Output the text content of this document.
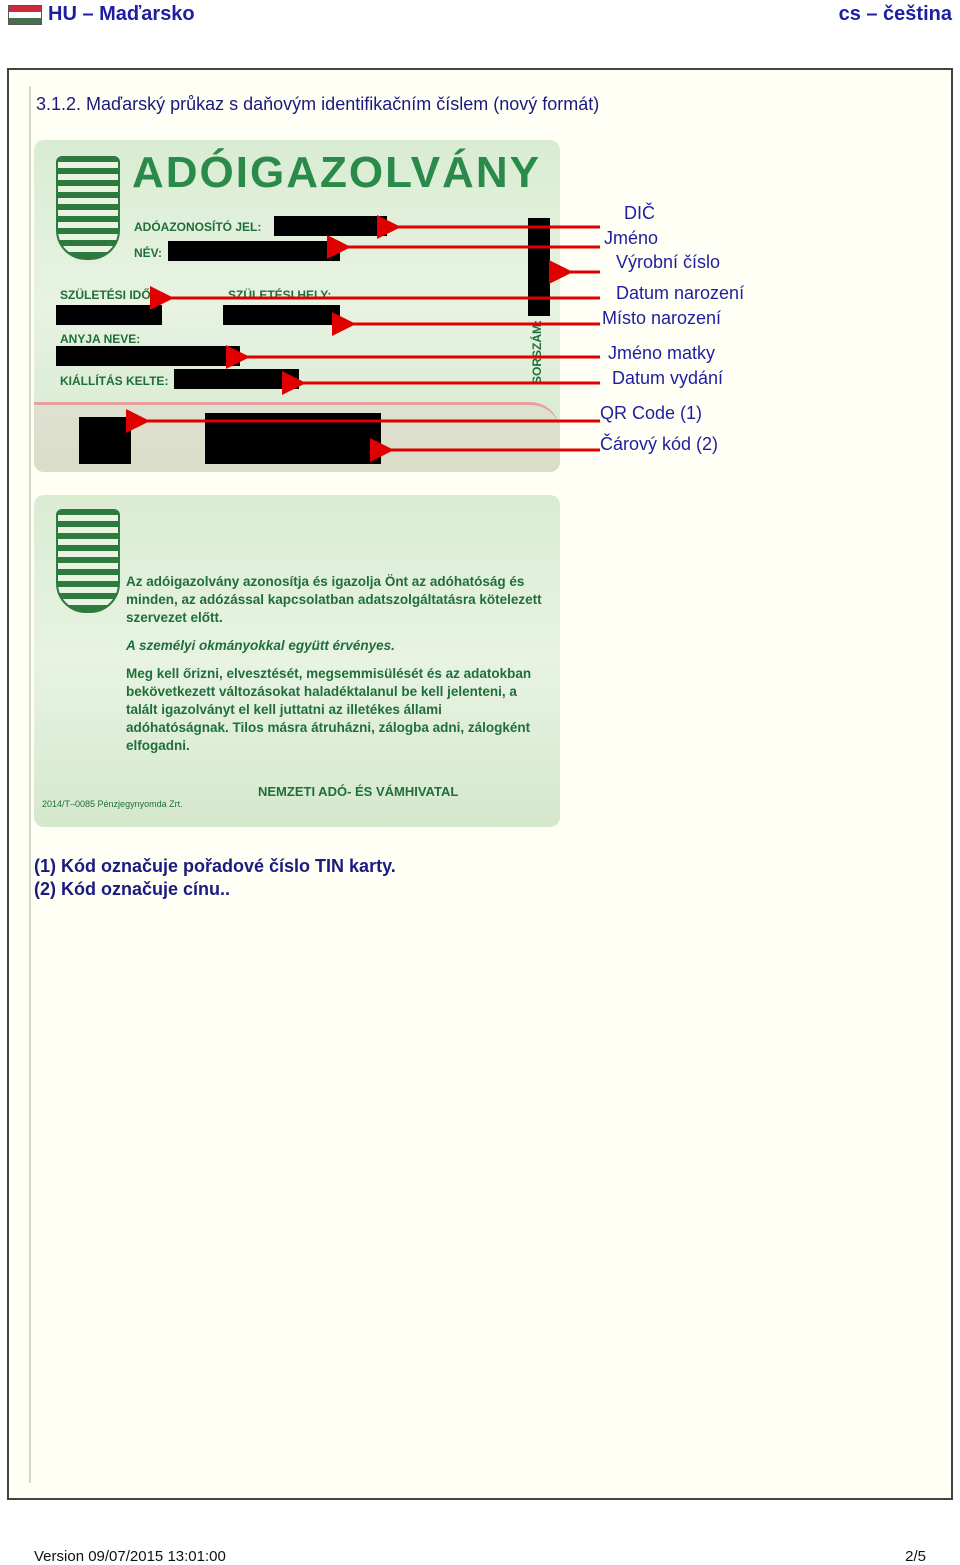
HU – Maďarsko	cs – čeština
3.1.2. Maďarský průkaz s daňovým identifikačním číslem (nový formát)
ADÓIGAZOLVÁNY
ADÓAZONOSÍTÓ JEL:
NÉV:
SZÜLETÉSI IDŐ:	SZÜLETÉSI HELY:
ANYJA NEVE:
KIÁLLÍTÁS KELTE:	SORSZÁM:

Az adóigazolvány azonosítja és igazolja Önt az adóhatóság és minden, az adózással kapcsolatban adatszolgáltatásra kötelezett szervezet előtt.

A személyi okmányokkal együtt érvényes.

Meg kell őrizni, elvesztését, megsemmisülését és az adatokban bekövetkezett változásokat haladéktalanul be kell jelenteni, a talált igazolványt el kell juttatni az illetékes állami adóhatóságnak. Tilos másra átruházni, zálogba adni, zálogként elfogadni.

2014/T–0085 Pénzjegynyomda Zrt.
NEMZETI ADÓ- ÉS VÁMHIVATAL
DIČ
Jméno
Výrobní číslo
Datum narození
Místo narození
Jméno matky
Datum vydání
QR Code (1)
Čárový kód (2)
(1) Kód označuje pořadové číslo TIN karty.
(2) Kód označuje cínu..
Version 09/07/2015 13:01:00	2/5
